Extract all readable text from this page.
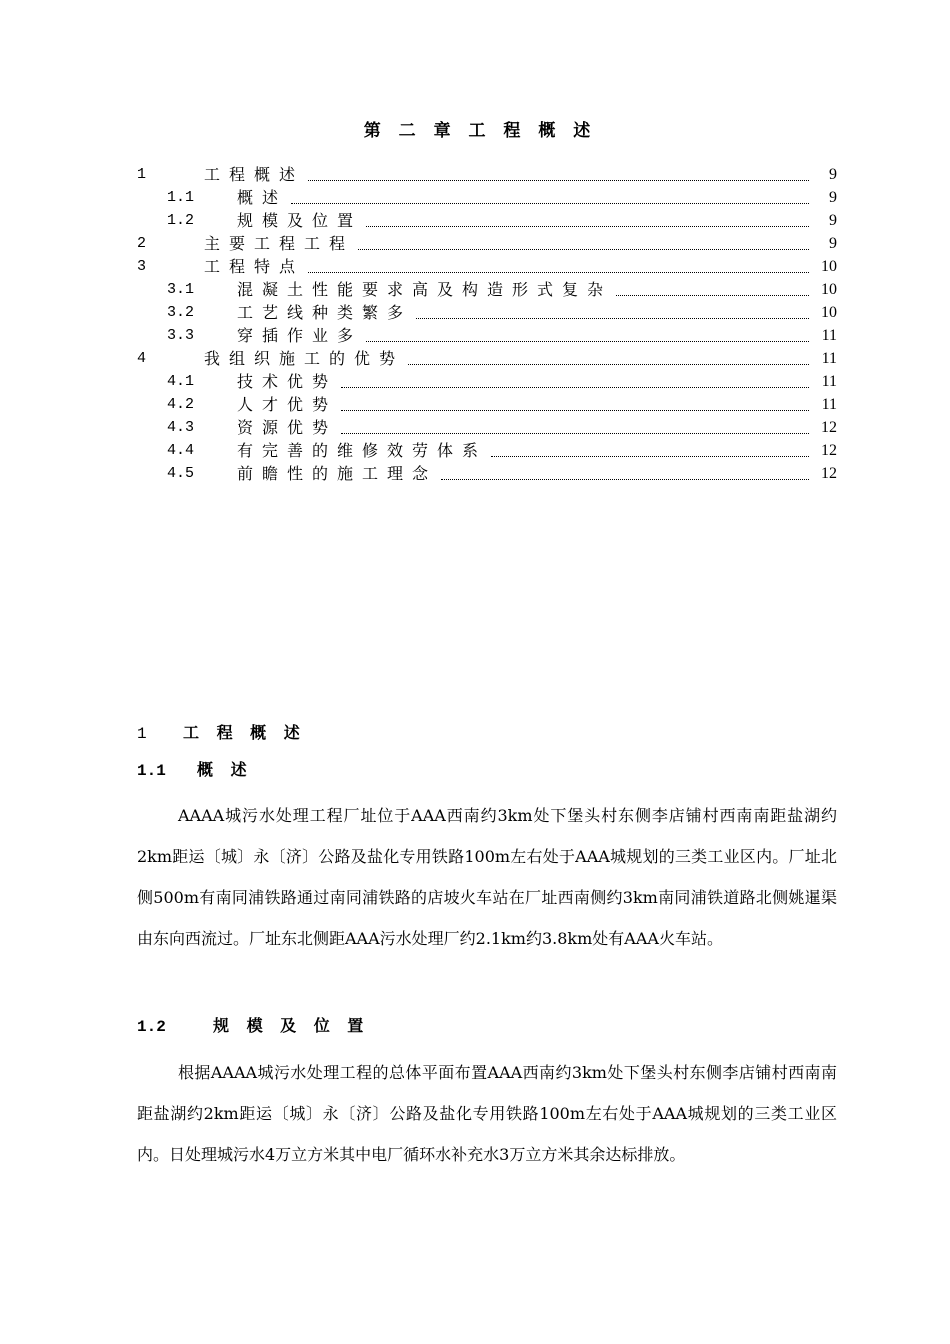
第 二 章 工 程 概 述
1	工程概述	9
1.1	概述	9
1.2	规模及位置	9
2	主要工程工程	9
3	工程特点	10
3.1	混凝土性能要求高及构造形式复杂	10
3.2	工艺线种类繁多	10
3.3	穿插作业多	11
4	我组织施工的优势	11
4.1	技术优势	11
4.2	人才优势	11
4.3	资源优势	12
4.4	有完善的维修效劳体系	12
4.5	前瞻性的施工理念	12
1 工 程 概 述
1.1 概 述
AAAA城污水处理工程厂址位于AAA西南约3km处下堡头村东侧李店铺村西南南距盐湖约2km距运〔城〕永〔济〕公路及盐化专用铁路100m左右处于AAA城规划的三类工业区内。厂址北侧500m有南同浦铁路通过南同浦铁路的店坡火车站在厂址西南侧约3km南同浦铁道路北侧姚暹渠由东向西流过。厂址东北侧距AAA污水处理厂约2.1km约3.8km处有AAA火车站。
1.2	规 模 及 位 置
根据AAAA城污水处理工程的总体平面布置AAA西南约3km处下堡头村东侧李店铺村西南南距盐湖约2km距运〔城〕永〔济〕公路及盐化专用铁路100m左右处于AAA城规划的三类工业区内。日处理城污水4万立方米其中电厂循环水补充水3万立方米其余达标排放。
